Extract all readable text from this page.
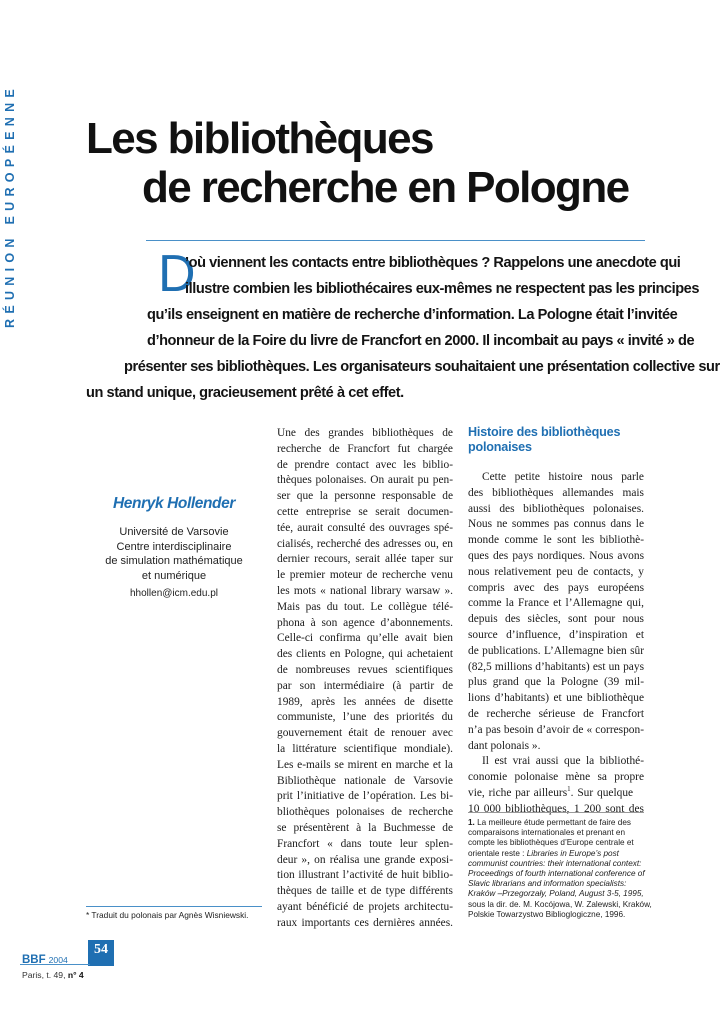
RÉUNION EUROPÉENNE Les bibliothèques
de recherche en Pologne
D
’où viennent les contacts entre bibliothèques ? Rappelons une anecdote qui
illustre combien les bibliothécaires eux-mêmes ne respectent pas les principes
qu’ils enseignent en matière de recherche d’information. La Pologne était l’invitée
d’honneur de la Foire du livre de Francfort en 2000. Il incombait au pays « invité » de
présenter ses bibliothèques. Les organisateurs souhaitaient une présentation collective sur
un stand unique, gracieusement prêté à cet effet.
Henryk Hollender
Université de Varsovie
Centre interdisciplinaire
de simulation mathématique
et numérique
hhollen@icm.edu.pl
Une des grandes bibliothèques de
recherche de Francfort fut chargée
de prendre contact avec les biblio-
thèques polonaises. On aurait pu pen-
ser que la personne responsable de
cette entreprise se serait documen-
tée, aurait consulté des ouvrages spé-
cialisés, recherché des adresses ou, en
dernier recours, serait allée taper sur
le premier moteur de recherche venu
les mots « national library warsaw ».
Mais pas du tout. Le collègue télé-
phona à son agence d’abonnements.
Celle-ci confirma qu’elle avait bien
des clients en Pologne, qui achetaient
de nombreuses revues scientifiques
par son intermédiaire (à partir de
1989, après les années de disette
communiste, l’une des priorités du
gouvernement était de renouer avec
la littérature scientifique mondiale).
Les e-mails se mirent en marche et la
Bibliothèque nationale de Varsovie
prit l’initiative de l’opération. Les bi-
bliothèques polonaises de recherche
se présentèrent à la Buchmesse de
Francfort « dans toute leur splen-
deur », on réalisa une grande exposi-
tion illustrant l’activité de huit biblio-
thèques de taille et de type différents
ayant bénéficié de projets architectu-
raux importants ces dernières années.
Histoire des bibliothèques polonaises
Cette petite histoire nous parle
des bibliothèques allemandes mais
aussi des bibliothèques polonaises.
Nous ne sommes pas connus dans le
monde comme le sont les bibliothè-
ques des pays nordiques. Nous avons
nous relativement peu de contacts, y
compris avec des pays européens
comme la France et l’Allemagne qui,
depuis des siècles, sont pour nous
source d’influence, d’inspiration et
de publications. L’Allemagne bien sûr
(82,5 millions d’habitants) est un pays
plus grand que la Pologne (39 mil-
lions d’habitants) et une bibliothèque
de recherche sérieuse de Francfort
n’a pas besoin d’avoir de « correspon-
dant polonais ».
Il est vrai aussi que la bibliothé-
conomie polonaise mène sa propre
vie, riche par ailleurs$^1$. Sur quelque
10 000 bibliothèques, 1 200 sont des
1. La meilleure étude permettant de faire des
comparaisons internationales et prenant en
compte les bibliothèques d’Europe centrale et
orientale reste : Libraries in Europe’s post
communist countries: their international context:
Proceedings of fourth international conference of
Slavic librarians and information specialists:
Kraków –Przegorzały, Poland, August 3-5, 1995,
sous la dir. de. M. Kocójowa, W. Zalewski, Kraków,
Polskie Towarzystwo Biblioglogiczne, 1996.
* Traduit du polonais par Agnès Wisniewski.
54
BBF 2004
Paris, t. 49, n° 4
